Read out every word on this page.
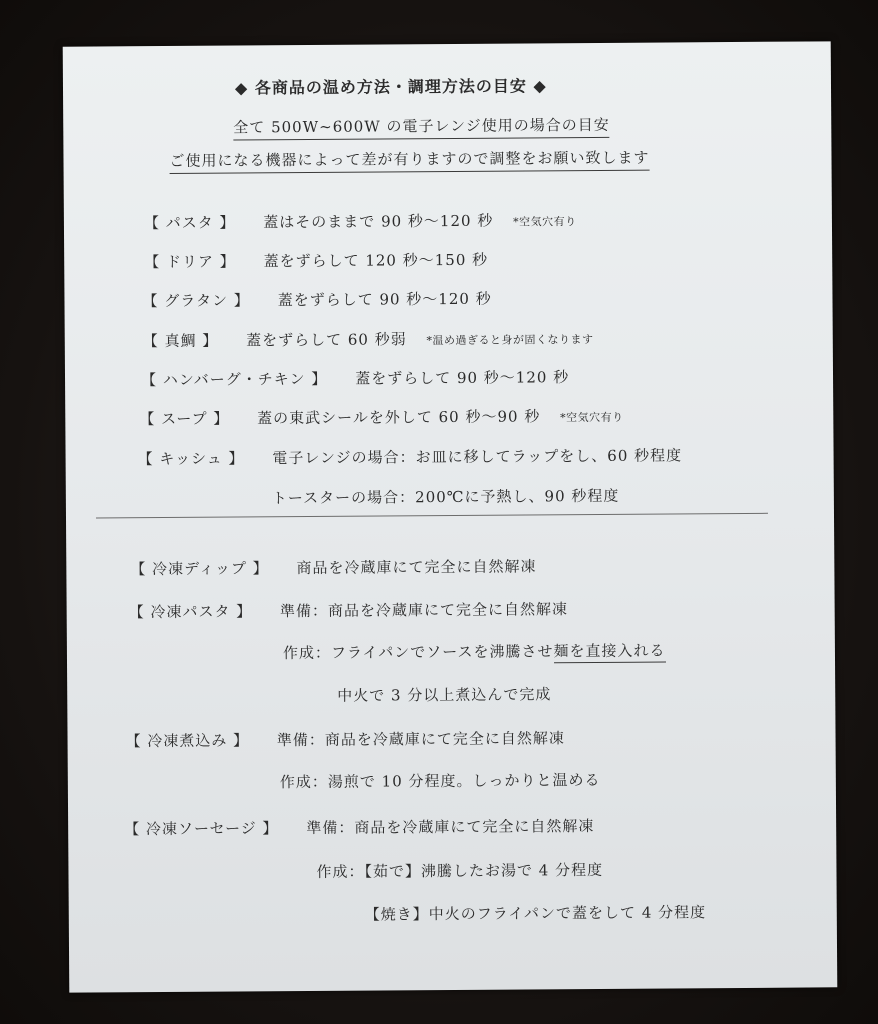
◆ 各商品の温め方法・調理方法の目安 ◆
全て 500W~600W の電子レンジ使用の場合の目安
ご使用になる機器によって差が有りますので調整をお願い致します
【 パスタ 】 蓋はそのままで 90 秒～120 秒 *空気穴有り
【 ドリア 】 蓋をずらして 120 秒～150 秒
【 グラタン 】 蓋をずらして 90 秒～120 秒
【 真鯛 】 蓋をずらして 60 秒弱 *温め過ぎると身が固くなります
【 ハンバーグ・チキン 】 蓋をずらして 90 秒～120 秒
【 スープ 】 蓋の東武シールを外して 60 秒～90 秒 *空気穴有り
【 キッシュ 】 電子レンジの場合：お皿に移してラップをし、60 秒程度
トースターの場合：200℃に予熱し、90 秒程度
【 冷凍ディップ 】 商品を冷蔵庫にて完全に自然解凍
【 冷凍パスタ 】 準備：商品を冷蔵庫にて完全に自然解凍
作成：フライパンでソースを沸騰させ麺を直接入れる
中火で 3 分以上煮込んで完成
【 冷凍煮込み 】 準備：商品を冷蔵庫にて完全に自然解凍
作成：湯煎で 10 分程度。しっかりと温める
【 冷凍ソーセージ 】 準備：商品を冷蔵庫にて完全に自然解凍
作成：【茹で】沸騰したお湯で 4 分程度
【焼き】中火のフライパンで蓋をして 4 分程度
